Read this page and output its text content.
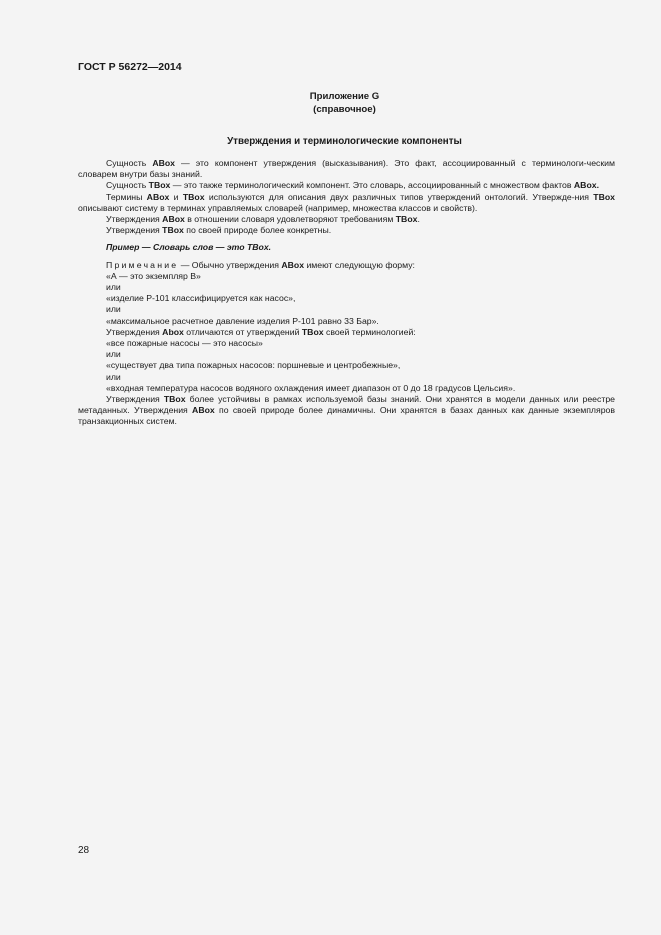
ГОСТ Р 56272—2014
Приложение G
(справочное)
Утверждения и терминологические компоненты

Сущность ABox — это компонент утверждения (высказывания). Это факт, ассоциированный с терминологи-ческим словарем внутри базы знаний.

Сущность TBox — это также терминологический компонент. Это словарь, ассоциированный с множеством фактов ABox.

Термины ABox и TBox используются для описания двух различных типов утверждений онтологий. Утвержде-ния TBox описывают систему в терминах управляемых словарей (например, множества классов и свойств).

Утверждения ABox в отношении словаря удовлетворяют требованиям TBox.

Утверждения TBox по своей природе более конкретны.

Пример — Словарь слов — это TBox.

Примечание — Обычно утверждения ABox имеют следующую форму:

«А — это экземпляр В»

или

«изделие Р-101 классифицируется как насос»,

или

«максимальное расчетное давление изделия Р-101 равно 33 Бар».

Утверждения Abox отличаются от утверждений TBox своей терминологией:

«все пожарные насосы — это насосы»

или

«существует два типа пожарных насосов: поршневые и центробежные»,

или

«входная температура насосов водяного охлаждения имеет диапазон от 0 до 18 градусов Цельсия».

Утверждения TBox более устойчивы в рамках используемой базы знаний. Они хранятся в модели данных или реестре метаданных. Утверждения ABox по своей природе более динамичны. Они хранятся в базах данных как данные экземпляров транзакционных систем.

28
